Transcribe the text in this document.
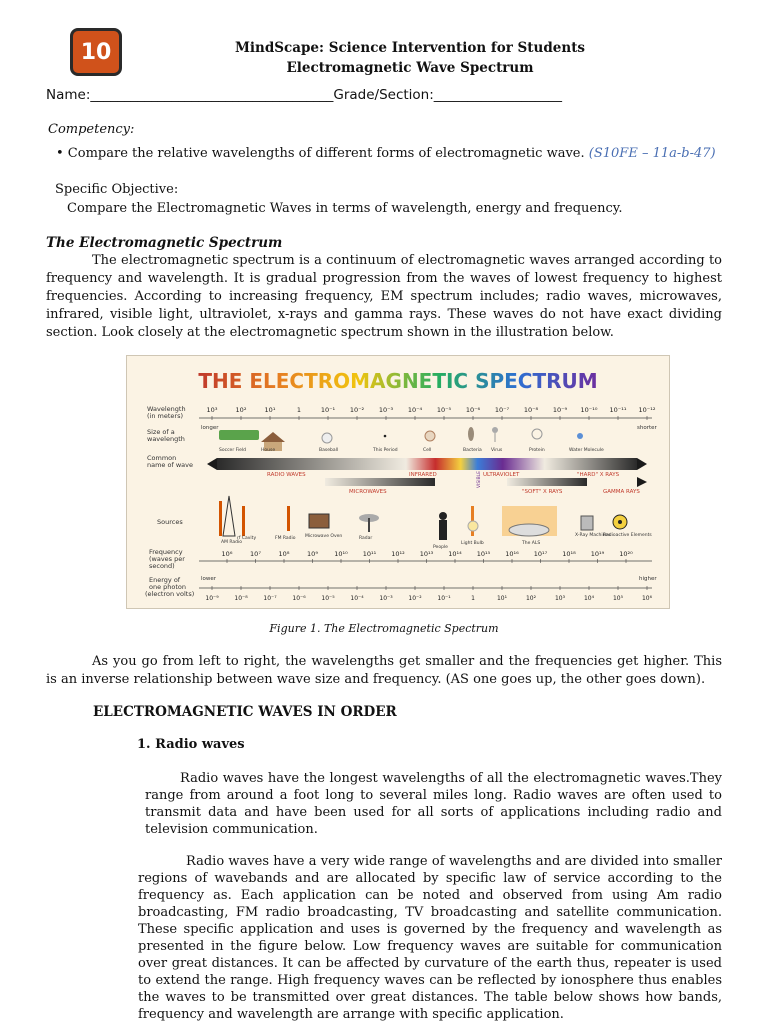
10	MindScape: Science Intervention for Students
Electromagnetic Wave Spectrum
Name:____________________________________Grade/Section:___________________
Competency:
• Compare the relative wavelengths of different forms of electromagnetic wave. (S10FE – 11a-b-47)
Specific Objective:
Compare the Electromagnetic Waves in terms of wavelength, energy and frequency.
The Electromagnetic Spectrum

The electromagnetic spectrum is a continuum of electromagnetic waves arranged according to frequency and wavelength. It is gradual progression from the waves of lowest frequency to highest frequencies. According to increasing frequency, EM spectrum includes; radio waves, microwaves, infrared, visible light, ultraviolet, x-rays and gamma rays. These waves do not have exact dividing section. Look closely at the electromagnetic spectrum shown in the illustration below.

THE ELECTROMAGNETIC SPECTRUM
Wavelength (in meters)
Size of a wavelength
Common name of wave
Sources
Frequency (waves per second)
Energy of one photon (electron volts)
10³	10²	10¹	1	10⁻¹ 10⁻² 10⁻³ 10⁻⁴ 10⁻⁵ 10⁻⁶ 10⁻⁷ 10⁻⁸ 10⁻⁹ 10⁻¹⁰ 10⁻¹¹ 10⁻¹²
longer	shorter
Soccer Field	House	Baseball	This Period	Cell	Bacteria Virus	Protein	Water Molecule
RADIO WAVES	INFRARED	ULTRAVIOLET	"HARD" X RAYS
MICROWAVES	"SOFT" X RAYS	GAMMA RAYS
VISIBLE
AM Radio
rf Cavity	FM Radio Microwave Oven	Radar
People
Light Bulb	The ALS
X-Ray Machines
Radioactive Elements
10⁶	10⁷	10⁸	10⁹	10¹⁰ 10¹¹ 10¹² 10¹³ 10¹⁴ 10¹⁵ 10¹⁶ 10¹⁷ 10¹⁸ 10¹⁹ 10²⁰
lower	higher
10⁻⁹	10⁻⁸	10⁻⁷	10⁻⁶	10⁻⁵	10⁻⁴	10⁻³	10⁻²	10⁻¹	1	10¹	10²	10³	10⁴	10⁵	10⁶
Figure 1. The Electromagnetic Spectrum

As you go from left to right, the wavelengths get smaller and the frequencies get higher. This is an inverse relationship between wave size and frequency. (AS one goes up, the other goes down).

ELECTROMAGNETIC WAVES IN ORDER
1. Radio waves

Radio waves have the longest wavelengths of all the electromagnetic waves.They range from around a foot long to several miles long. Radio waves are often used to transmit data and have been used for all sorts of applications including radio and television communication.

Radio waves have a very wide range of wavelengths and are divided into smaller regions of wavebands and are allocated by specific law of service according to the frequency as. Each application can be noted and observed from using Am radio broadcasting, FM radio broadcasting, TV broadcasting and satellite communication. These specific application and uses is governed by the frequency and wavelength as presented in the figure below. Low frequency waves are suitable for communication over great distances. It can be affected by curvature of the earth thus, repeater is used to extend the range. High frequency waves can be reflected by ionosphere thus enables the waves to be transmitted over great distances. The table below shows how bands, frequency and wavelength are arrange with specific application.
